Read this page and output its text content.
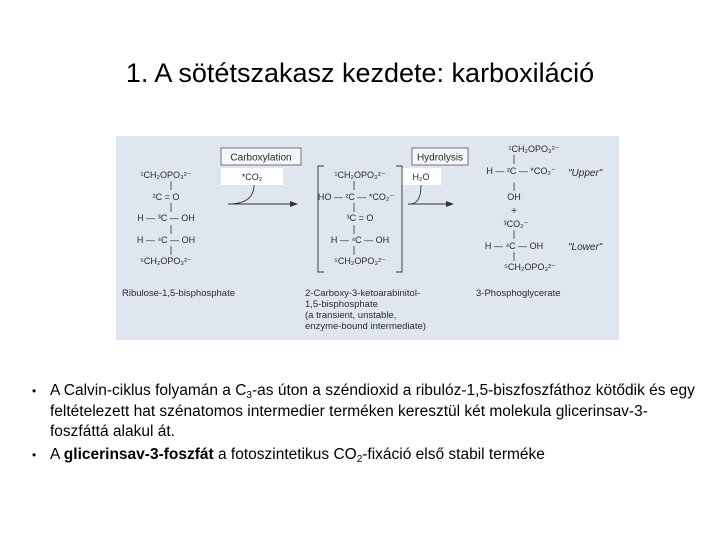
1. A sötétszakasz kezdete: karboxiláció
Carboxylation	Hydrolysis
*CO₂	H₂O
¹CH₂OPO₃²⁻
²C = O
H — ³C — OH
H — ⁴C — OH
⁵CH₂OPO₃²⁻
¹CH₂OPO₃²⁻
HO — ²C — *CO₂⁻
³C = O
H — ⁴C — OH
⁵CH₂OPO₃²⁻
¹CH₂OPO₃²⁻
H — ²C — *CO₂⁻
|
OH
"Upper"
+
³CO₂⁻
H — ⁴C — OH
⁵CH₂OPO₃²⁻
"Lower"
Ribulose-1,5-bisphosphate	2-Carboxy-3-ketoarabinitol-
1,5-bisphosphate
(a transient, unstable,
enzyme-bound intermediate)
3-Phosphoglycerate
• A Calvin-ciklus folyamán a $C_3-as$ úton a széndioxid a ribulóz-1,5-biszfoszfáthoz kötődik és egy feltételezett hat szénatomos intermedier terméken keresztül két molekula glicerinsav-3-foszfáttá alakul át.
• A glicerinsav-3-foszfát a fotoszintetikus $CO_2$-fixáció első stabil terméke
